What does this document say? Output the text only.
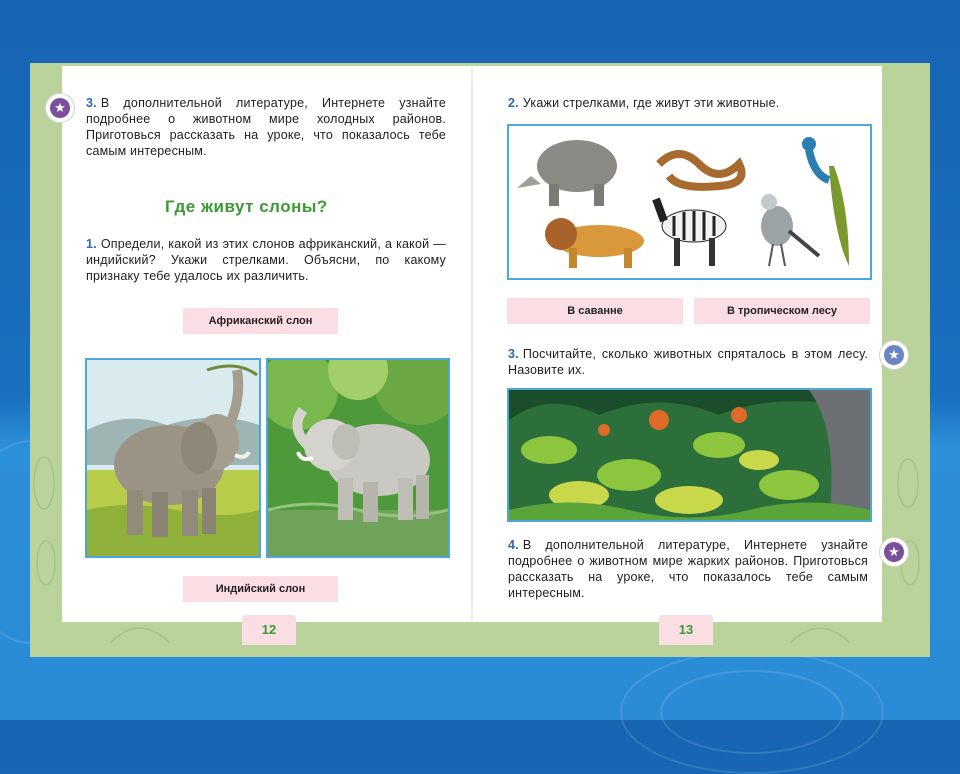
★	3. В дополнительной литературе, Интернете узнайте подробнее о животном мире холодных районов. Приготовься рассказать на уроке, что показалось тебе самым интересным.
Где живут слоны?
1. Определи, какой из этих слонов африканский, а какой — индийский? Укажи стрелками. Объясни, по какому признаку тебе удалось их различить.
Африканский слон
Индийский слон
12
2. Укажи стрелками, где живут эти животные.
В саванне	В тропическом лесу
★
3. Посчитайте, сколько животных спряталось в этом лесу. Назовите их.
★
4. В дополнительной литературе, Интернете узнайте подробнее о животном мире жарких районов. Приготовься рассказать на уроке, что показалось тебе самым интересным.
13
